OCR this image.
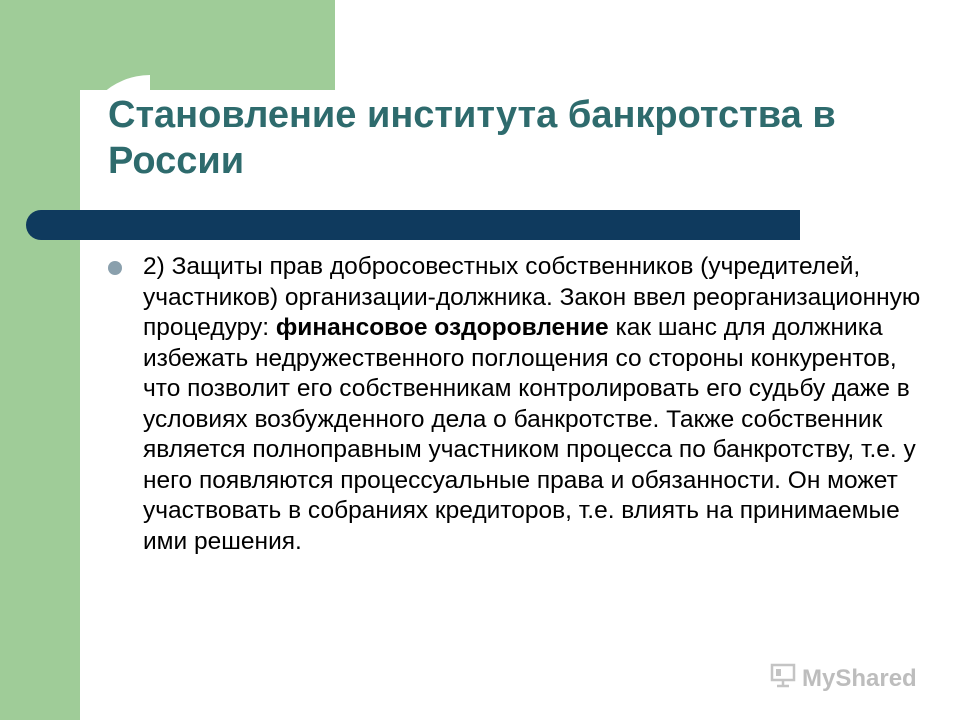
Становление института банкротства в России

2) Защиты прав добросовестных собственников (учредителей, участников) организации-должника. Закон ввел реорганизационную процедуру: финансовое оздоровление как шанс для должника избежать недружественного поглощения со стороны конкурентов, что позволит его собственникам контролировать его судьбу даже в условиях возбужденного дела о банкротстве. Также собственник является полноправным участником процесса по банкротству, т.е. у него появляются процессуальные права и обязанности. Он может участвовать в собраниях кредиторов, т.е. влиять на принимаемые ими решения.

MyShared
